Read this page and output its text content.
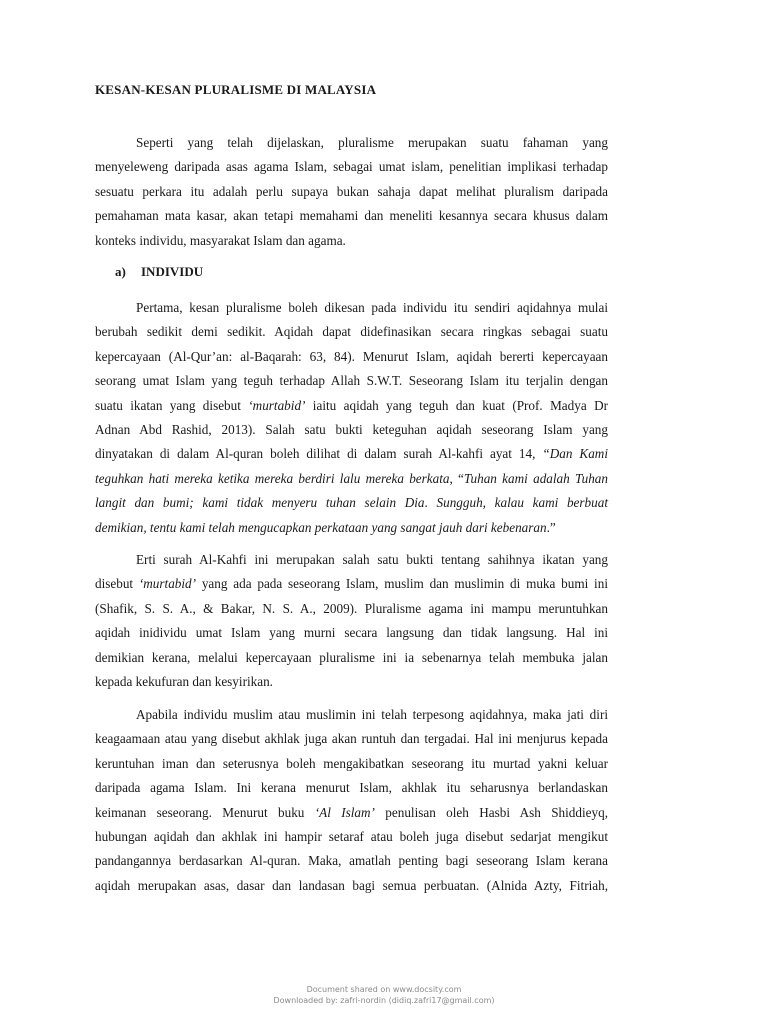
KESAN-KESAN PLURALISME DI MALAYSIA
Seperti yang telah dijelaskan, pluralisme merupakan suatu fahaman yang
menyeleweng daripada asas agama Islam, sebagai umat islam, penelitian implikasi terhadap
sesuatu perkara itu adalah perlu supaya bukan sahaja dapat melihat pluralism daripada
pemahaman mata kasar, akan tetapi memahami dan meneliti kesannya secara khusus dalam
konteks individu, masyarakat Islam dan agama.
a) INDIVIDU
Pertama, kesan pluralisme boleh dikesan pada individu itu sendiri aqidahnya mulai
berubah sedikit demi sedikit. Aqidah dapat didefinasikan secara ringkas sebagai suatu
kepercayaan (Al-Qur’an: al-Baqarah: 63, 84). Menurut Islam, aqidah bererti kepercayaan
seorang umat Islam yang teguh terhadap Allah S.W.T. Seseorang Islam itu terjalin dengan
suatu ikatan yang disebut ‘murtabid’ iaitu aqidah yang teguh dan kuat (Prof. Madya Dr
Adnan Abd Rashid, 2013). Salah satu bukti keteguhan aqidah seseorang Islam yang
dinyatakan di dalam Al-quran boleh dilihat di dalam surah Al-kahfi ayat 14, “Dan Kami
teguhkan hati mereka ketika mereka berdiri lalu mereka berkata, “Tuhan kami adalah Tuhan
langit dan bumi; kami tidak menyeru tuhan selain Dia. Sungguh, kalau kami berbuat
demikian, tentu kami telah mengucapkan perkataan yang sangat jauh dari kebenaran.”
Erti surah Al-Kahfi ini merupakan salah satu bukti tentang sahihnya ikatan yang
disebut ‘murtabid’ yang ada pada seseorang Islam, muslim dan muslimin di muka bumi ini
(Shafik, S. S. A., & Bakar, N. S. A., 2009). Pluralisme agama ini mampu meruntuhkan
aqidah inidividu umat Islam yang murni secara langsung dan tidak langsung. Hal ini
demikian kerana, melalui kepercayaan pluralisme ini ia sebenarnya telah membuka jalan
kepada kekufuran dan kesyirikan.
Apabila individu muslim atau muslimin ini telah terpesong aqidahnya, maka jati diri
keagaamaan atau yang disebut akhlak juga akan runtuh dan tergadai. Hal ini menjurus kepada
keruntuhan iman dan seterusnya boleh mengakibatkan seseorang itu murtad yakni keluar
daripada agama Islam. Ini kerana menurut Islam, akhlak itu seharusnya berlandaskan
keimanan seseorang. Menurut buku ‘Al Islam’ penulisan oleh Hasbi Ash Shiddieyq,
hubungan aqidah dan akhlak ini hampir setaraf atau boleh juga disebut sedarjat mengikut
pandangannya berdasarkan Al-quran. Maka, amatlah penting bagi seseorang Islam kerana
aqidah merupakan asas, dasar dan landasan bagi semua perbuatan. (Alnida Azty, Fitriah,
Document shared on www.docsity.com
Downloaded by: zafri-nordin (didiq.zafri17@gmail.com)
